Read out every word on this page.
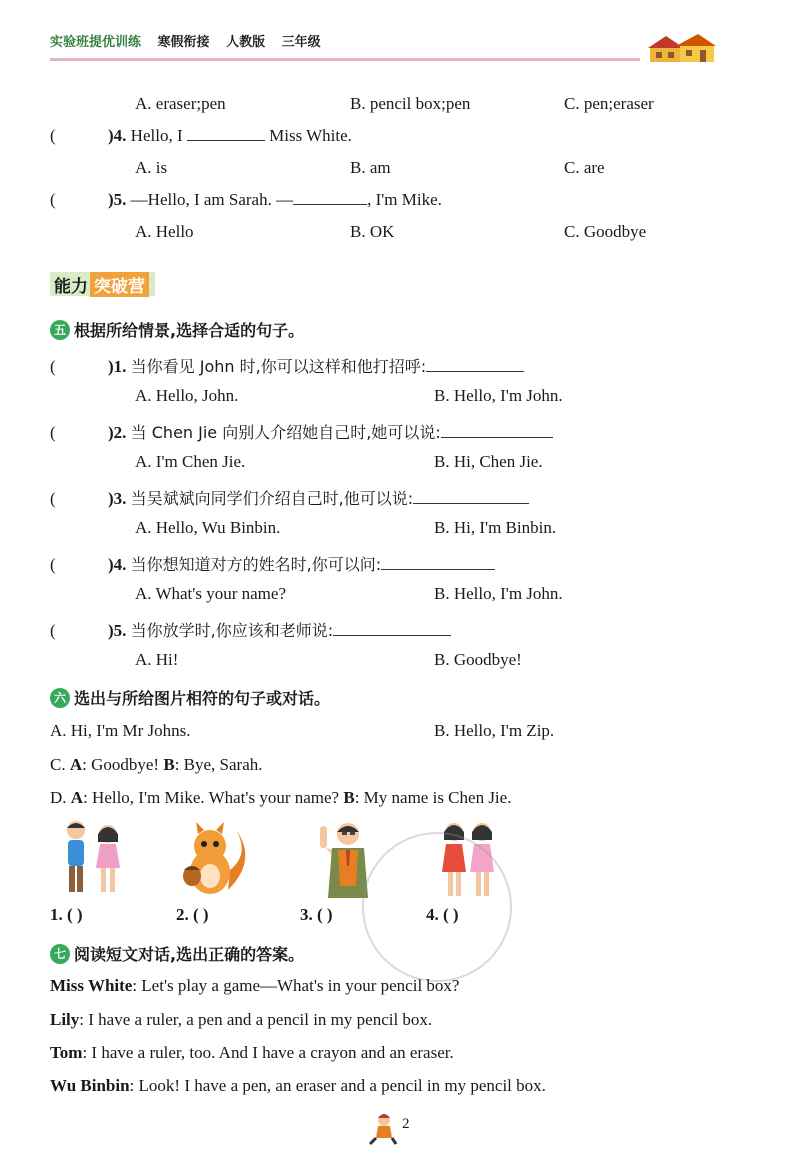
实验班提优训练 寒假衔接 人教版 三年级
A. eraser;pen	B. pencil box;pen	C. pen;eraser
(	)4. Hello, I	Miss White.
A. is	B. am	C. are
(	)5. —Hello, I am Sarah. —	, I'm Mike.
A. Hello	B. OK	C. Goodbye
能力 突破营
五 根据所给情景,选择合适的句子。
(	)1. 当你看见 John 时,你可以这样和他打招呼:
A. Hello, John.	B. Hello, I'm John.
(	)2. 当 Chen Jie 向别人介绍她自己时,她可以说:
A. I'm Chen Jie.	B. Hi, Chen Jie.
(	)3. 当吴斌斌向同学们介绍自己时,他可以说:
A. Hello, Wu Binbin.	B. Hi, I'm Binbin.
(	)4. 当你想知道对方的姓名时,你可以问:
A. What's your name?	B. Hello, I'm John.
(	)5. 当你放学时,你应该和老师说:
A. Hi!	B. Goodbye!
六 选出与所给图片相符的句子或对话。
A. Hi, I'm Mr Johns.	B. Hello, I'm Zip.
C. A: Goodbye! B: Bye, Sarah.
D. A: Hello, I'm Mike. What's your name? B: My name is Chen Jie.
1. ( )	2. ( )	3. ( )	4. ( )
七 阅读短文对话,选出正确的答案。
Miss White: Let's play a game—What's in your pencil box?
Lily: I have a ruler, a pen and a pencil in my pencil box.
Tom: I have a ruler, too. And I have a crayon and an eraser.
Wu Binbin: Look! I have a pen, an eraser and a pencil in my pencil box.
2
